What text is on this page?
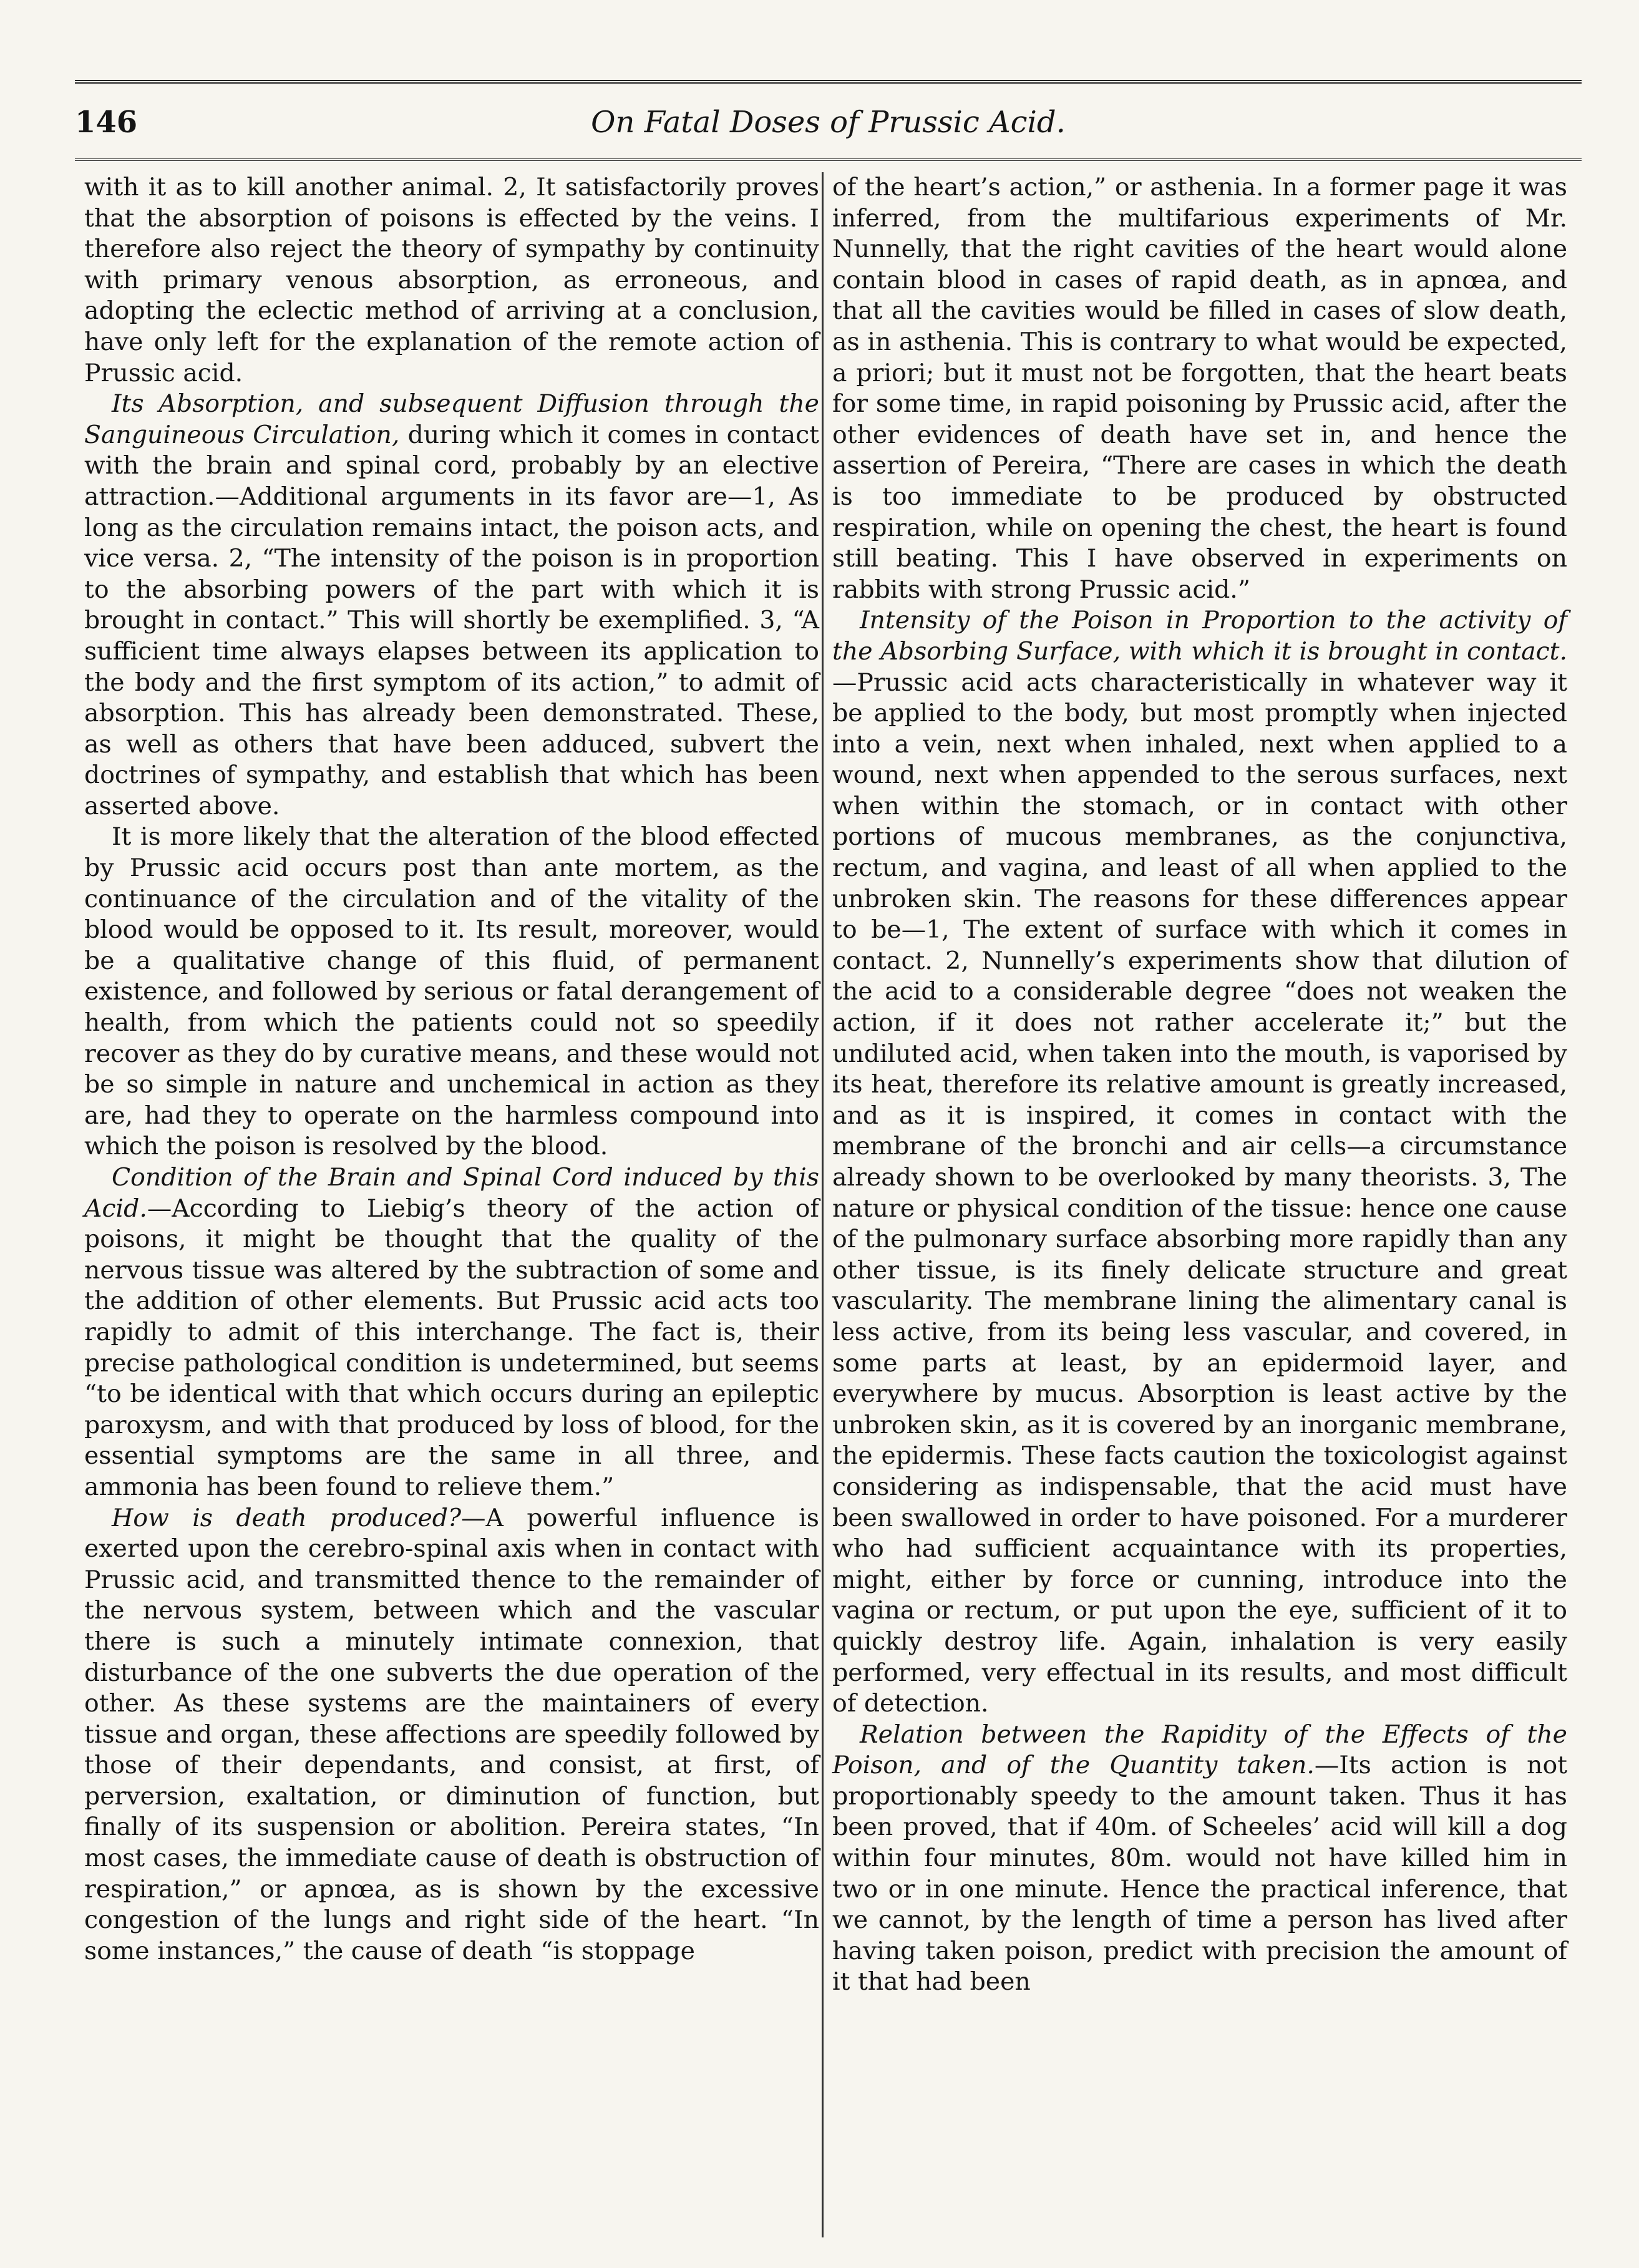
146	On Fatal Doses of Prussic Acid.

with it as to kill another animal. 2, It satisfactorily proves that the absorption of poisons is effected by the veins. I therefore also reject the theory of sympathy by continuity with primary venous absorption, as erroneous, and adopting the eclectic method of arriving at a conclusion, have only left for the explanation of the remote action of Prussic acid.

Its Absorption, and subsequent Diffusion through the Sanguineous Circulation, during which it comes in contact with the brain and spinal cord, probably by an elective attraction.—Additional arguments in its favor are—1, As long as the circulation remains intact, the poison acts, and vice versa. 2, “The intensity of the poison is in proportion to the absorbing powers of the part with which it is brought in contact.” This will shortly be exemplified. 3, “A sufficient time always elapses between its application to the body and the first symptom of its action,” to admit of absorption. This has already been demonstrated. These, as well as others that have been adduced, subvert the doctrines of sympathy, and establish that which has been asserted above.

It is more likely that the alteration of the blood effected by Prussic acid occurs post than ante mortem, as the continuance of the circulation and of the vitality of the blood would be opposed to it. Its result, moreover, would be a qualitative change of this fluid, of permanent existence, and followed by serious or fatal derangement of health, from which the patients could not so speedily recover as they do by curative means, and these would not be so simple in nature and unchemical in action as they are, had they to operate on the harmless compound into which the poison is resolved by the blood.

Condition of the Brain and Spinal Cord induced by this Acid.—According to Liebig’s theory of the action of poisons, it might be thought that the quality of the nervous tissue was altered by the subtraction of some and the addition of other elements. But Prussic acid acts too rapidly to admit of this interchange. The fact is, their precise pathological condition is undetermined, but seems “to be identical with that which occurs during an epileptic paroxysm, and with that produced by loss of blood, for the essential symptoms are the same in all three, and ammonia has been found to relieve them.”

How is death produced?—A powerful influence is exerted upon the cerebro-spinal axis when in contact with Prussic acid, and transmitted thence to the remainder of the nervous system, between which and the vascular there is such a minutely intimate connexion, that disturbance of the one subverts the due operation of the other. As these systems are the maintainers of every tissue and organ, these affections are speedily followed by those of their dependants, and consist, at first, of perversion, exaltation, or diminution of function, but finally of its suspension or abolition. Pereira states, “In most cases, the immediate cause of death is obstruction of respiration,” or apnœa, as is shown by the excessive congestion of the lungs and right side of the heart. “In some instances,” the cause of death “is stoppage

of the heart’s action,” or asthenia. In a former page it was inferred, from the multifarious experiments of Mr. Nunnelly, that the right cavities of the heart would alone contain blood in cases of rapid death, as in apnœa, and that all the cavities would be filled in cases of slow death, as in asthenia. This is contrary to what would be expected, a priori; but it must not be forgotten, that the heart beats for some time, in rapid poisoning by Prussic acid, after the other evidences of death have set in, and hence the assertion of Pereira, “There are cases in which the death is too immediate to be produced by obstructed respiration, while on opening the chest, the heart is found still beating. This I have observed in experiments on rabbits with strong Prussic acid.”

Intensity of the Poison in Proportion to the activity of the Absorbing Surface, with which it is brought in contact.—Prussic acid acts characteristically in whatever way it be applied to the body, but most promptly when injected into a vein, next when inhaled, next when applied to a wound, next when appended to the serous surfaces, next when within the stomach, or in contact with other portions of mucous membranes, as the conjunctiva, rectum, and vagina, and least of all when applied to the unbroken skin. The reasons for these differences appear to be—1, The extent of surface with which it comes in contact. 2, Nunnelly’s experiments show that dilution of the acid to a considerable degree “does not weaken the action, if it does not rather accelerate it;” but the undiluted acid, when taken into the mouth, is vaporised by its heat, therefore its relative amount is greatly increased, and as it is inspired, it comes in contact with the membrane of the bronchi and air cells—a circumstance already shown to be overlooked by many theorists. 3, The nature or physical condition of the tissue: hence one cause of the pulmonary surface absorbing more rapidly than any other tissue, is its finely delicate structure and great vascularity. The membrane lining the alimentary canal is less active, from its being less vascular, and covered, in some parts at least, by an epidermoid layer, and everywhere by mucus. Absorption is least active by the unbroken skin, as it is covered by an inorganic membrane, the epidermis. These facts caution the toxicologist against considering as indispensable, that the acid must have been swallowed in order to have poisoned. For a murderer who had sufficient acquaintance with its properties, might, either by force or cunning, introduce into the vagina or rectum, or put upon the eye, sufficient of it to quickly destroy life. Again, inhalation is very easily performed, very effectual in its results, and most difficult of detection.

Relation between the Rapidity of the Effects of the Poison, and of the Quantity taken.—Its action is not proportionably speedy to the amount taken. Thus it has been proved, that if 40m. of Scheeles’ acid will kill a dog within four minutes, 80m. would not have killed him in two or in one minute. Hence the practical inference, that we cannot, by the length of time a person has lived after having taken poison, predict with precision the amount of it that had been
